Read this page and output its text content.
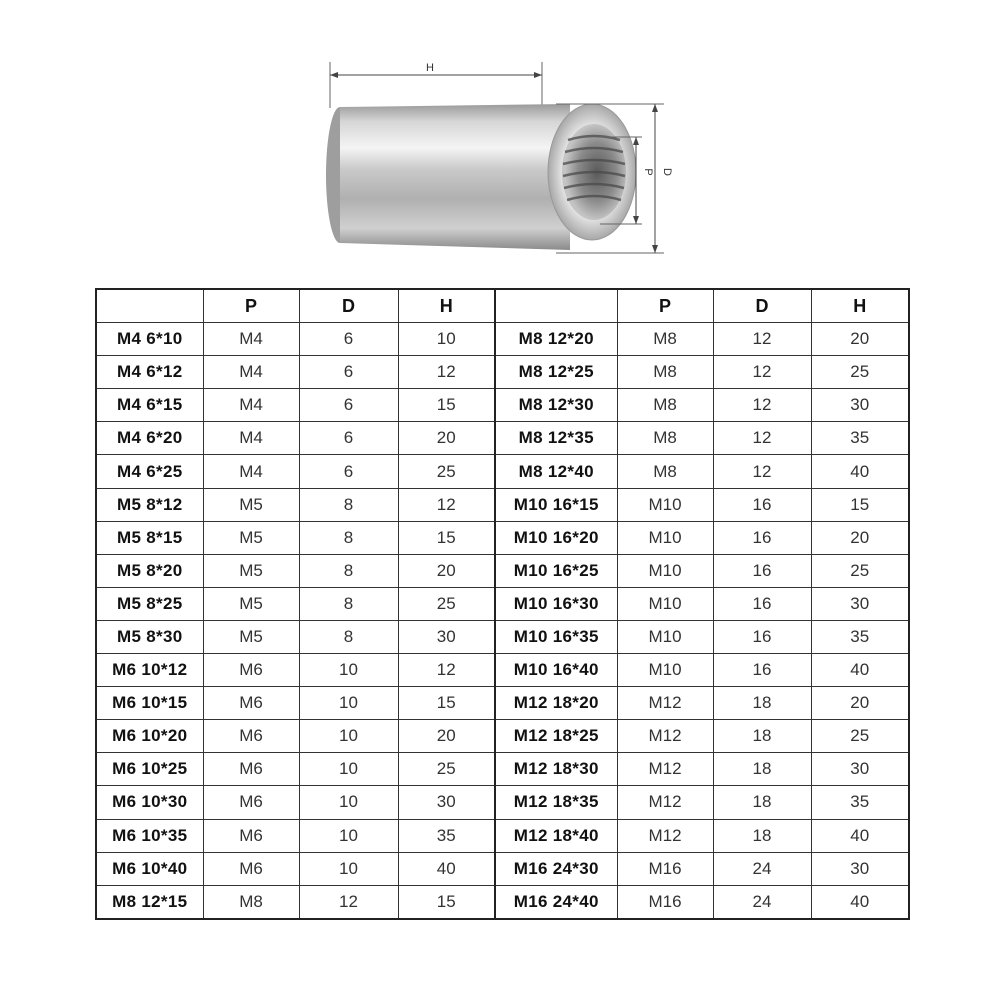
H
D
P
	P	D	H		P	D	H
M4 6*10	M4	6	10	M8 12*20	M8	12	20
M4 6*12	M4	6	12	M8 12*25	M8	12	25
M4 6*15	M4	6	15	M8 12*30	M8	12	30
M4 6*20	M4	6	20	M8 12*35	M8	12	35
M4 6*25	M4	6	25	M8 12*40	M8	12	40
M5 8*12	M5	8	12	M10 16*15	M10	16	15
M5 8*15	M5	8	15	M10 16*20	M10	16	20
M5 8*20	M5	8	20	M10 16*25	M10	16	25
M5 8*25	M5	8	25	M10 16*30	M10	16	30
M5 8*30	M5	8	30	M10 16*35	M10	16	35
M6 10*12	M6	10	12	M10 16*40	M10	16	40
M6 10*15	M6	10	15	M12 18*20	M12	18	20
M6 10*20	M6	10	20	M12 18*25	M12	18	25
M6 10*25	M6	10	25	M12 18*30	M12	18	30
M6 10*30	M6	10	30	M12 18*35	M12	18	35
M6 10*35	M6	10	35	M12 18*40	M12	18	40
M6 10*40	M6	10	40	M16 24*30	M16	24	30
M8 12*15	M8	12	15	M16 24*40	M16	24	40
